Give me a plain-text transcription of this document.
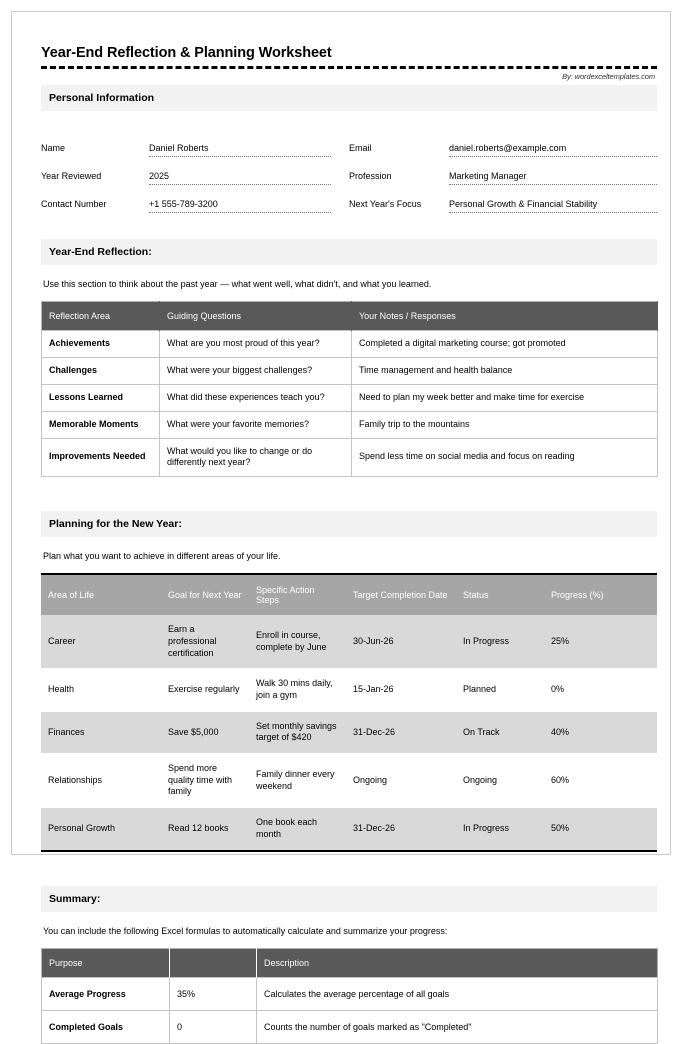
Year-End Reflection & Planning Worksheet
By: wordexceltemplates.com
Personal Information
Name	Daniel Roberts
Year Reviewed	2025
Contact Number	+1 555-789-3200
Email	daniel.roberts@example.com
Profession	Marketing Manager
Next Year's Focus	Personal Growth & Financial Stability
Year-End Reflection:
Use this section to think about the past year — what went well, what didn't, and what you learned.
Reflection Area	Guiding Questions	Your Notes / Responses
Achievements	What are you most proud of this year?	Completed a digital marketing course; got promoted
Challenges	What were your biggest challenges?	Time management and health balance
Lessons Learned	What did these experiences teach you?	Need to plan my week better and make time for exercise
Memorable Moments	What were your favorite memories?	Family trip to the mountains
Improvements Needed	What would you like to change or do differently next year?	Spend less time on social media and focus on reading
Planning for the New Year:
Plan what you want to achieve in different areas of your life.
Area of Life	Goal for Next Year	Specific Action Steps	Target Completion Date	Status	Progress (%)
Career	Earn a professional certification	Enroll in course, complete by June	30-Jun-26	In Progress	25%
Health	Exercise regularly	Walk 30 mins daily, join a gym	15-Jan-26	Planned	0%
Finances	Save $5,000	Set monthly savings target of $420	31-Dec-26	On Track	40%
Relationships	Spend more quality time with family	Family dinner every weekend	Ongoing	Ongoing	60%
Personal Growth	Read 12 books	One book each month	31-Dec-26	In Progress	50%
Summary:
You can include the following Excel formulas to automatically calculate and summarize your progress:
Purpose		Description
Average Progress	35%	Calculates the average percentage of all goals
Completed Goals	0	Counts the number of goals marked as "Completed"
